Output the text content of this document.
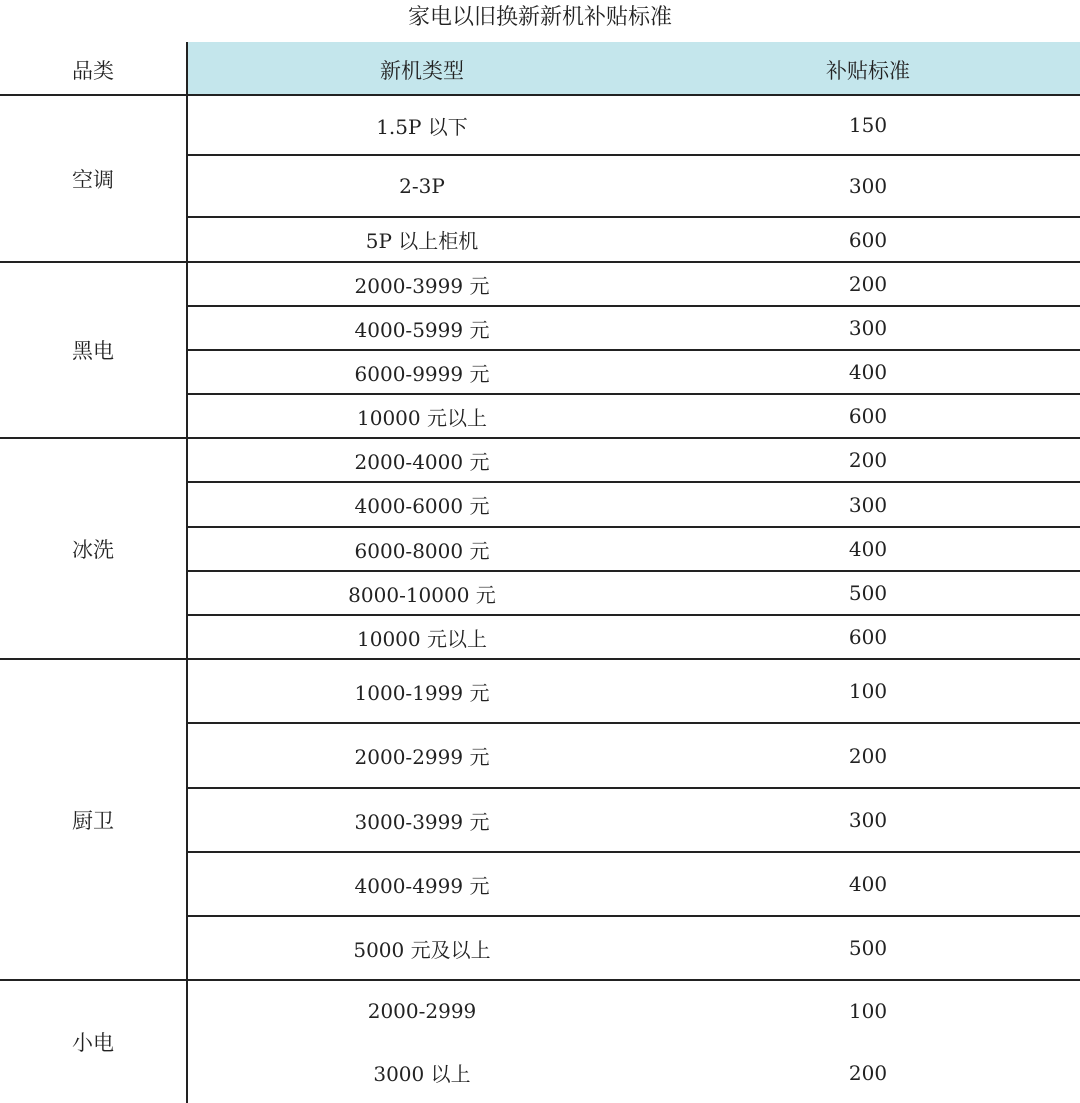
家电以旧换新新机补贴标准
品类	新机类型	补贴标准
空调
1.5P 以下	150
2-3P	300
5P 以上柜机	600
黑电
2000-3999 元	200
4000-5999 元	300
6000-9999 元	400
10000 元以上	600
冰洗
2000-4000 元	200
4000-6000 元	300
6000-8000 元	400
8000-10000 元	500
10000 元以上	600
厨卫
1000-1999 元	100
2000-2999 元	200
3000-3999 元	300
4000-4999 元	400
5000 元及以上	500
小电
2000-2999	100
3000 以上	200
